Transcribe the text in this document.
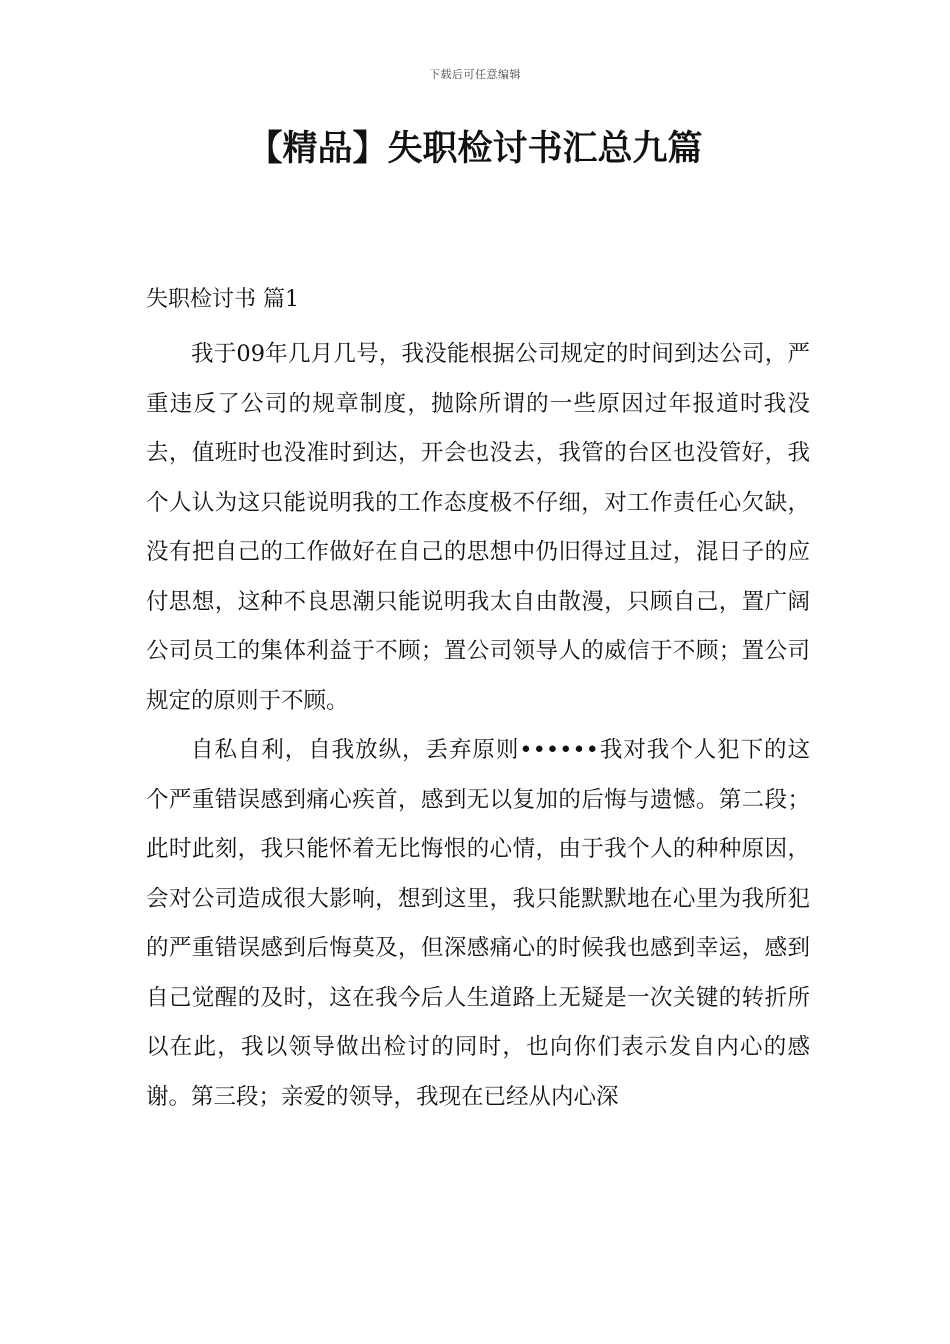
下载后可任意编辑
【精品】失职检讨书汇总九篇
失职检讨书 篇1

我于09年几月几号，我没能根据公司规定的时间到达公司，严重违反了公司的规章制度，抛除所谓的一些原因过年报道时我没去，值班时也没准时到达，开会也没去，我管的台区也没管好，我个人认为这只能说明我的工作态度极不仔细，对工作责任心欠缺，没有把自己的工作做好在自己的思想中仍旧得过且过，混日子的应付思想，这种不良思潮只能说明我太自由散漫，只顾自己，置广阔公司员工的集体利益于不顾；置公司领导人的威信于不顾；置公司规定的原则于不顾。

自私自利，自我放纵，丢弃原则••••••我对我个人犯下的这个严重错误感到痛心疾首，感到无以复加的后悔与遗憾。第二段；此时此刻，我只能怀着无比悔恨的心情，由于我个人的种种原因，会对公司造成很大影响，想到这里，我只能默默地在心里为我所犯的严重错误感到后悔莫及，但深感痛心的时候我也感到幸运，感到自己觉醒的及时，这在我今后人生道路上无疑是一次关键的转折所以在此，我以领导做出检讨的同时，也向你们表示发自内心的感谢。第三段；亲爱的领导，我现在已经从内心深
